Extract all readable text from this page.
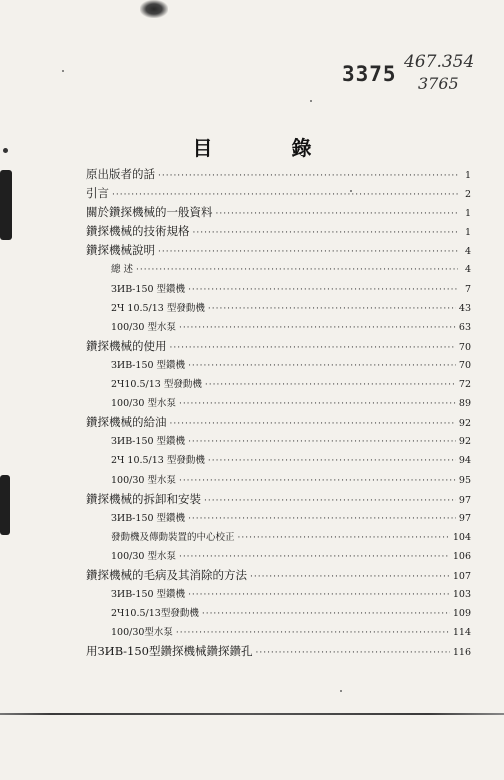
3375 467.354
3765
目 錄
原出版者的話 ·····	1
引言 ·····	2
關於鑽探機械的一般資料 ·····	1
鑽探機械的技術規格 ·····	1
鑽探機械說明 ·····	4
總 述 ·····	4
ЗИВ-150 型鑽機 ·····	7
2Ч 10.5/13 型發動機 ·····	43
100/30 型水泵 ·····	63
鑽探機械的使用 ·····	70
ЗИВ-150 型鑽機 ·····	70
2Ч10.5/13 型發動機 ·····	72
100/30 型水泵 ·····	89
鑽探機械的給油 ·····	92
ЗИВ-150 型鑽機 ·····	92
2Ч 10.5/13 型發動機 ·····	94
100/30 型水泵 ·····	95
鑽探機械的拆卸和安裝 ·····	97
ЗИВ-150 型鑽機 ·····	97
發動機及傳動裝置的中心校正 ·····	104
100/30 型水泵 ·····	106
鑽探機械的毛病及其消除的方法 ·····	107
ЗИВ-150 型鑽機 ·····	103
2Ч10.5/13型發動機 ·····	109
100/30型水泵 ·····	114
用ЗИВ-150型鑽探機械鑽探鑽孔 ·····	116
